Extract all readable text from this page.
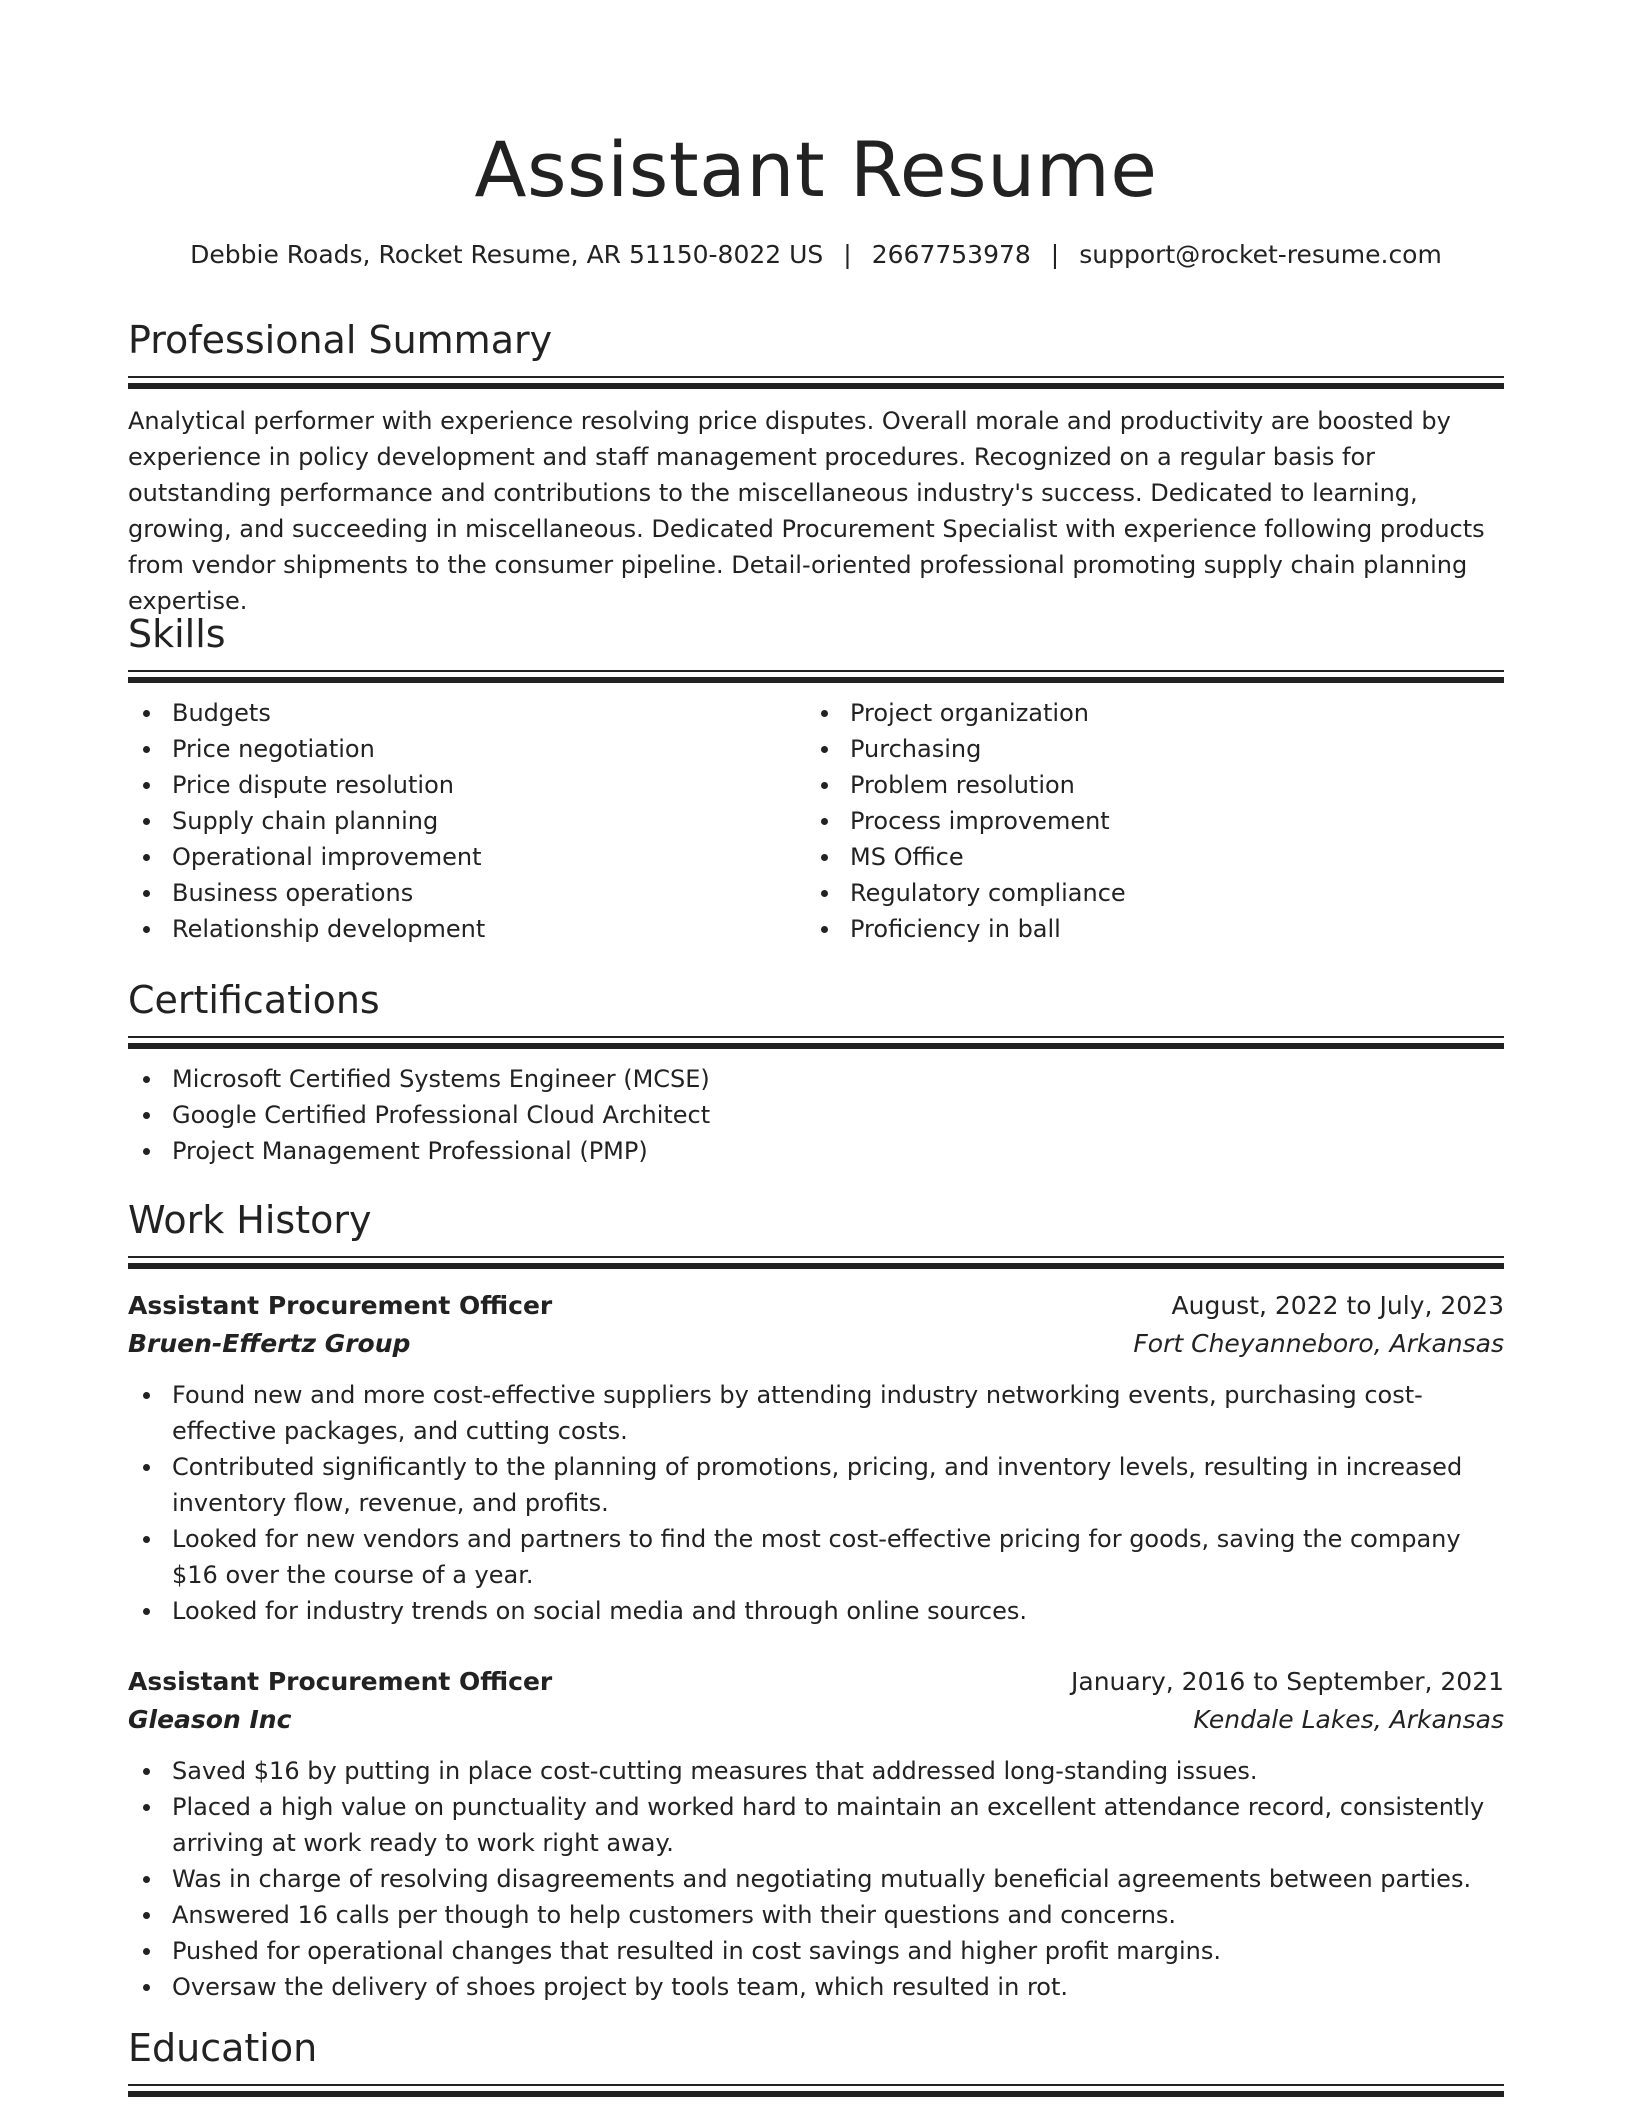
Assistant Resume
Debbie Roads, Rocket Resume, AR 51150-8022 US | 2667753978 | support@rocket-resume.com
Professional Summary

Analytical performer with experience resolving price disputes. Overall morale and productivity are boosted by experience in policy development and staff management procedures. Recognized on a regular basis for outstanding performance and contributions to the miscellaneous industry's success. Dedicated to learning, growing, and succeeding in miscellaneous. Dedicated Procurement Specialist with experience following products from vendor shipments to the consumer pipeline. Detail-oriented professional promoting supply chain planning expertise.

Skills
Budgets
Price negotiation
Price dispute resolution
Supply chain planning
Operational improvement
Business operations
Relationship development
Project organization
Purchasing
Problem resolution
Process improvement
MS Office
Regulatory compliance
Proficiency in ball
Certifications
Microsoft Certified Systems Engineer (MCSE)
Google Certified Professional Cloud Architect
Project Management Professional (PMP)
Work History
Assistant Procurement Officer	August, 2022 to July, 2023
Bruen-Effertz Group	Fort Cheyanneboro, Arkansas
Found new and more cost-effective suppliers by attending industry networking events, purchasing cost-effective packages, and cutting costs.
Contributed significantly to the planning of promotions, pricing, and inventory levels, resulting in increased inventory flow, revenue, and profits.
Looked for new vendors and partners to find the most cost-effective pricing for goods, saving the company $16 over the course of a year.
Looked for industry trends on social media and through online sources.
Assistant Procurement Officer	January, 2016 to September, 2021
Gleason Inc	Kendale Lakes, Arkansas
Saved $16 by putting in place cost-cutting measures that addressed long-standing issues.
Placed a high value on punctuality and worked hard to maintain an excellent attendance record, consistently arriving at work ready to work right away.
Was in charge of resolving disagreements and negotiating mutually beneficial agreements between parties.
Answered 16 calls per though to help customers with their questions and concerns.
Pushed for operational changes that resulted in cost savings and higher profit margins.
Oversaw the delivery of shoes project by tools team, which resulted in rot.
Education
